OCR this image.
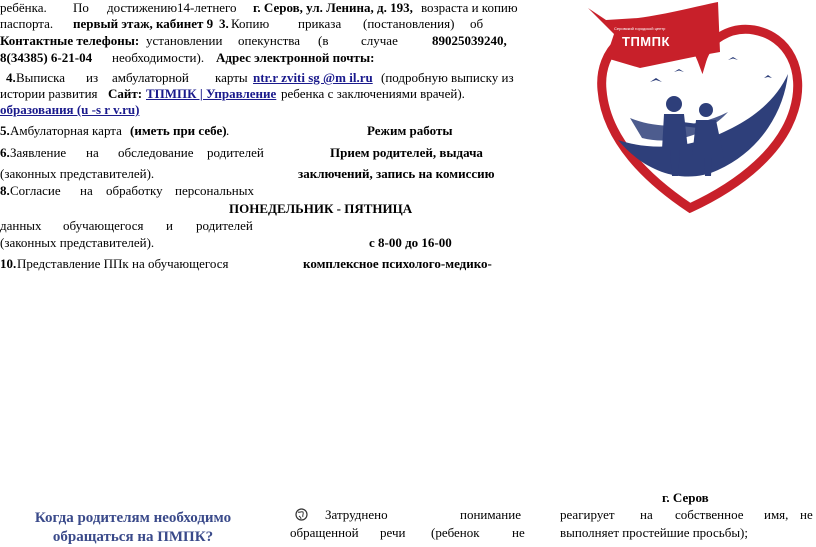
ребёнка. По достижению14-летнего г. Серов, ул. Ленина, д. 193, возраста и копию
паспорта. первый этаж, кабинет 9 3. Копию приказа (постановления) об
Контактные телефоны: установлении опекунства (в	случае	89025039240,
8(34385) 6-21-04 необходимости). Адрес электронной почты:
4. Выписка из амбулаторной карты ntr.r zviti sg @m il.ru (подробную выписку из
истории развития Сайт: ТПМПК | Управление ребенка с заключениями врачей).
образования (u -s r v.ru)
5. Амбулаторная карта (иметь при себе) .
6. Заявление на обследование родителей
(законных представителей).
8. Согласие на обработку персональных
данных обучающегося и родителей
(законных представителей).
10. Представление ППк на обучающегося
Режим работы
Прием родителей, выдача
заключений, запись на комиссию
ПОНЕДЕЛЬНИК - ПЯТНИЦА
с 8-00 до 16-00
комплексное психолого-медико-
Серовский городской центр
ТПМПК
г. Серов
Когда родителям необходимо
обращаться на ПМПК?
Затруднено	понимание
обращенной речи (ребенок не
реагирует на собственное имя, не
выполняет простейшие просьбы);
